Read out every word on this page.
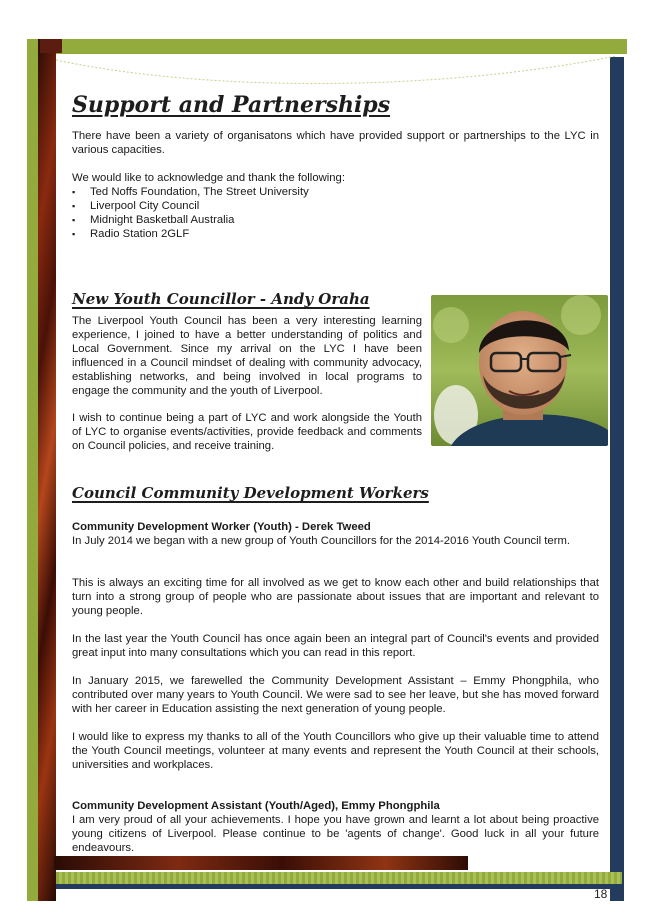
Support and Partnerships

There have been a variety of organisatons which have provided support or partnerships to the LYC in various capacities.

We would like to acknowledge and thank the following:

▪ Ted Noffs Foundation, The Street University
▪ Liverpool City Council
▪ Midnight Basketball Australia
▪ Radio Station 2GLF
New Youth Councillor - Andy Oraha

The Liverpool Youth Council has been a very interesting learning experience, I joined to have a better understanding of politics and Local Government. Since my arrival on the LYC I have been influenced in a Council mindset of dealing with community advocacy, establishing networks, and being involved in local programs to engage the community and the youth of Liverpool.

I wish to continue being a part of LYC and work alongside the Youth of LYC to organise events/activities, provide feedback and comments on Council policies, and receive training.

Council Community Development Workers

Community Development Worker (Youth) - Derek Tweed

In July 2014 we began with a new group of Youth Councillors for the 2014-2016 Youth Council term.

This is always an exciting time for all involved as we get to know each other and build relationships that turn into a strong group of people who are passionate about issues that are important and relevant to young people.

In the last year the Youth Council has once again been an integral part of Council's events and provided great input into many consultations which you can read in this report.

In January 2015, we farewelled the Community Development Assistant – Emmy Phongphila, who contributed over many years to Youth Council. We were sad to see her leave, but she has moved forward with her career in Education assisting the next generation of young people.

I would like to express my thanks to all of the Youth Councillors who give up their valuable time to attend the Youth Council meetings, volunteer at many events and represent the Youth Council at their schools, universities and workplaces.

Community Development Assistant (Youth/Aged), Emmy Phongphila

I am very proud of all your achievements. I hope you have grown and learnt a lot about being proactive young citizens of Liverpool. Please continue to be 'agents of change'. Good luck in all your future endeavours.

18
